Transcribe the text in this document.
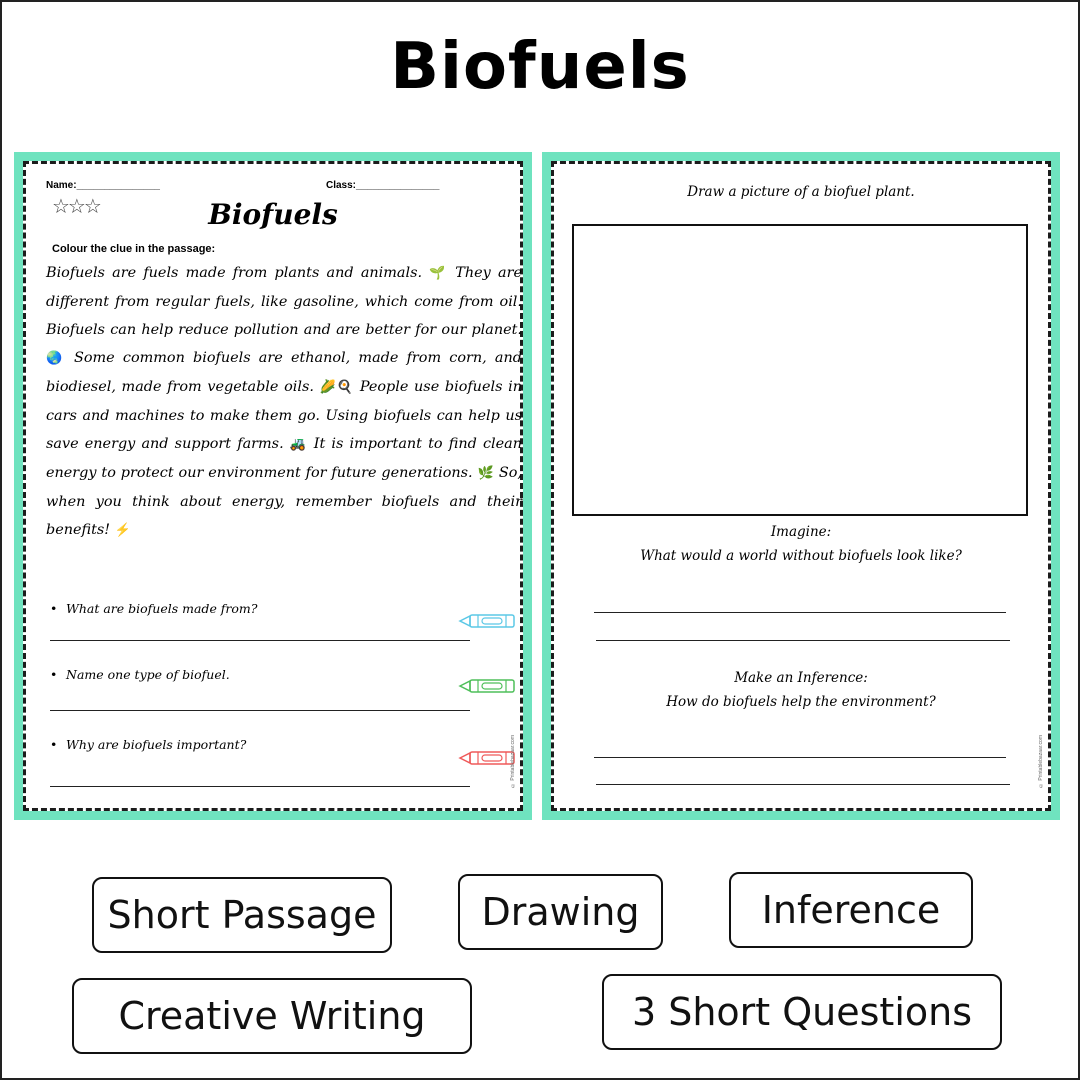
Biofuels
Name:_______________	Class:_______________
☆☆☆	Biofuels
Colour the clue in the passage:
Biofuels are fuels made from plants and animals. 🌱 They are different from regular fuels, like gasoline, which come from oil. Biofuels can help reduce pollution and are better for our planet. 🌏 Some common biofuels are ethanol, made from corn, and biodiesel, made from vegetable oils. 🌽🍳 People use biofuels in cars and machines to make them go. Using biofuels can help us save energy and support farms. 🚜 It is important to find clean energy to protect our environment for future generations. 🌿 So, when you think about energy, remember biofuels and their benefits! ⚡
• What are biofuels made from?
• Name one type of biofuel.
• Why are biofuels important?	© Printablebazaar.com
Draw a picture of a biofuel plant.
Imagine:
What would a world without biofuels look like?
Make an Inference:
How do biofuels help the environment?
© Printablebazaar.com
Short Passage	Drawing	Inference
Creative Writing	3 Short Questions
